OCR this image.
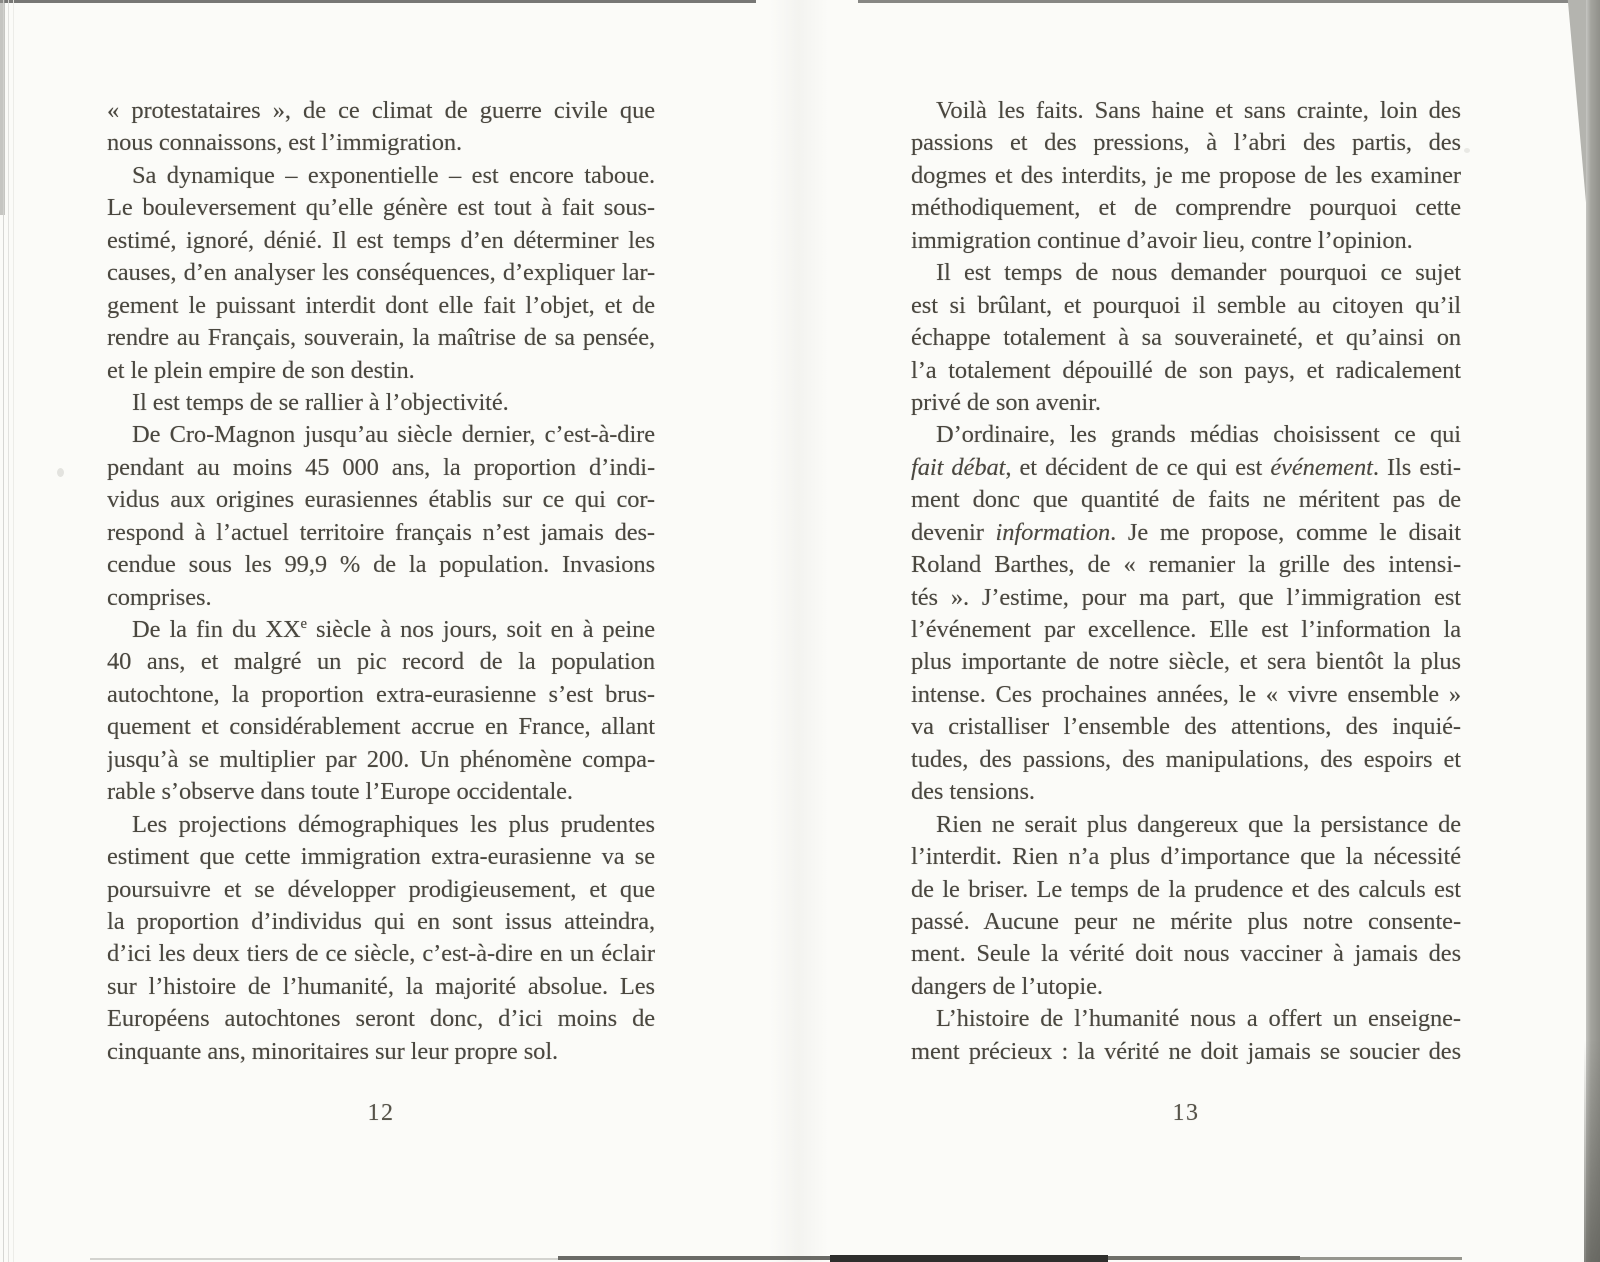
« protestataires », de ce climat de guerre civile que
nous connaissons, est l’immigration.
Sa dynamique – exponentielle – est encore taboue.
Le bouleversement qu’elle génère est tout à fait sous-
estimé, ignoré, dénié. Il est temps d’en déterminer les
causes, d’en analyser les conséquences, d’expliquer lar-
gement le puissant interdit dont elle fait l’objet, et de
rendre au Français, souverain, la maîtrise de sa pensée,
et le plein empire de son destin.
Il est temps de se rallier à l’objectivité.
De Cro-Magnon jusqu’au siècle dernier, c’est-à-dire
pendant au moins 45 000 ans, la proportion d’indi-
vidus aux origines eurasiennes établis sur ce qui cor-
respond à l’actuel territoire français n’est jamais des-
cendue sous les 99,9 % de la population. Invasions
comprises.
De la fin du XXe siècle à nos jours, soit en à peine
40 ans, et malgré un pic record de la population
autochtone, la proportion extra-eurasienne s’est brus-
quement et considérablement accrue en France, allant
jusqu’à se multiplier par 200. Un phénomène compa-
rable s’observe dans toute l’Europe occidentale.
Les projections démographiques les plus prudentes
estiment que cette immigration extra-eurasienne va se
poursuivre et se développer prodigieusement, et que
la proportion d’individus qui en sont issus atteindra,
d’ici les deux tiers de ce siècle, c’est-à-dire en un éclair
sur l’histoire de l’humanité, la majorité absolue. Les
Européens autochtones seront donc, d’ici moins de
cinquante ans, minoritaires sur leur propre sol.
12
Voilà les faits. Sans haine et sans crainte, loin des
passions et des pressions, à l’abri des partis, des
dogmes et des interdits, je me propose de les examiner
méthodiquement, et de comprendre pourquoi cette
immigration continue d’avoir lieu, contre l’opinion.
Il est temps de nous demander pourquoi ce sujet
est si brûlant, et pourquoi il semble au citoyen qu’il
échappe totalement à sa souveraineté, et qu’ainsi on
l’a totalement dépouillé de son pays, et radicalement
privé de son avenir.
D’ordinaire, les grands médias choisissent ce qui
fait débat, et décident de ce qui est événement. Ils esti-
ment donc que quantité de faits ne méritent pas de
devenir information. Je me propose, comme le disait
Roland Barthes, de « remanier la grille des intensi-
tés ». J’estime, pour ma part, que l’immigration est
l’événement par excellence. Elle est l’information la
plus importante de notre siècle, et sera bientôt la plus
intense. Ces prochaines années, le « vivre ensemble »
va cristalliser l’ensemble des attentions, des inquié-
tudes, des passions, des manipulations, des espoirs et
des tensions.
Rien ne serait plus dangereux que la persistance de
l’interdit. Rien n’a plus d’importance que la nécessité
de le briser. Le temps de la prudence et des calculs est
passé. Aucune peur ne mérite plus notre consente-
ment. Seule la vérité doit nous vacciner à jamais des
dangers de l’utopie.
L’histoire de l’humanité nous a offert un enseigne-
ment précieux : la vérité ne doit jamais se soucier des
13
